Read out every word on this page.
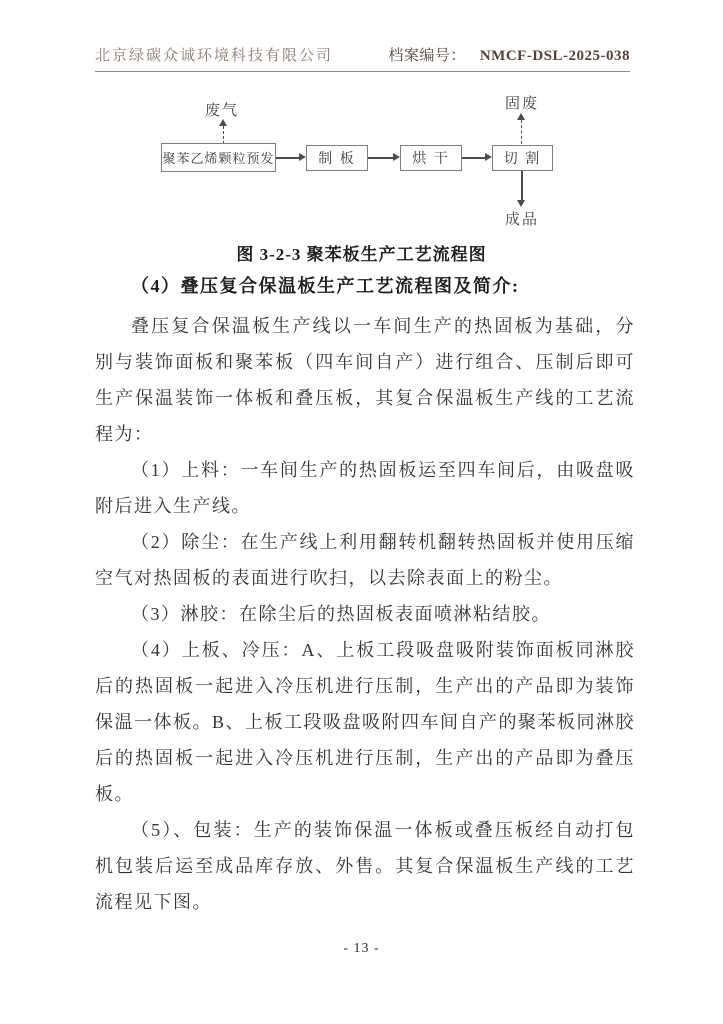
北京绿碳众诚环境科技有限公司	档案编号： NMCF-DSL-2025-038
废气	固废
聚苯乙烯颗粒预发	制 板	烘 干	切 割
成品
图 3-2-3 聚苯板生产工艺流程图
（4）叠压复合保温板生产工艺流程图及简介:

叠压复合保温板生产线以一车间生产的热固板为基础，分别与装饰面板和聚苯板（四车间自产）进行组合、压制后即可生产保温装饰一体板和叠压板，其复合保温板生产线的工艺流程为：

（1）上料：一车间生产的热固板运至四车间后，由吸盘吸附后进入生产线。

（2）除尘：在生产线上利用翻转机翻转热固板并使用压缩空气对热固板的表面进行吹扫，以去除表面上的粉尘。

（3）淋胶：在除尘后的热固板表面喷淋粘结胶。

（4）上板、冷压：A、上板工段吸盘吸附装饰面板同淋胶后的热固板一起进入冷压机进行压制，生产出的产品即为装饰保温一体板。B、上板工段吸盘吸附四车间自产的聚苯板同淋胶后的热固板一起进入冷压机进行压制，生产出的产品即为叠压板。

（5）、包装：生产的装饰保温一体板或叠压板经自动打包机包装后运至成品库存放、外售。其复合保温板生产线的工艺流程见下图。

- 13 -
